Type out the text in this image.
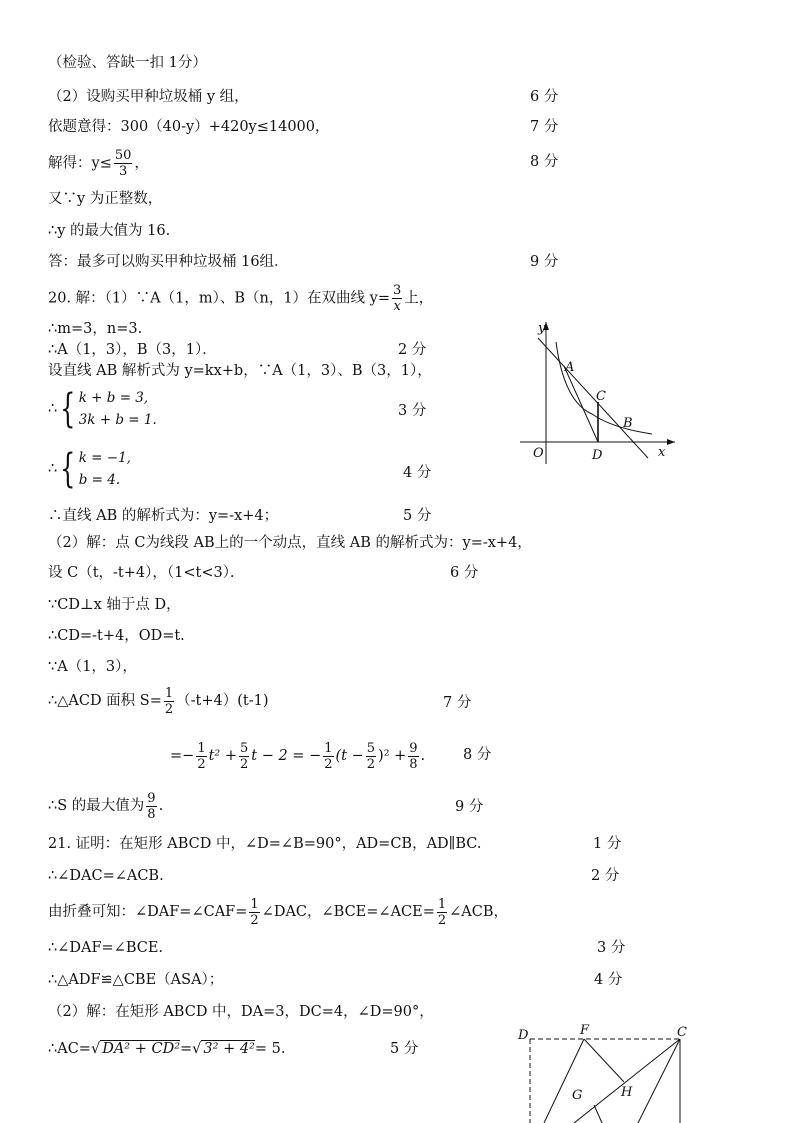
（检验、答缺一扣 1分）
（2）设购买甲种垃圾桶 y 组，	6 分
依题意得：300（40-y）+420y≤14000，	7 分
解得：$y\le \frac{50}{3}$ ，	8 分
又∵y 为正整数，
∴y 的最大值为 16.
答：最多可以购买甲种垃圾桶 16组．	9 分
20. 解：（1）∵A（1，m）、B（n，1）在双曲线 $y= \frac{3}{x}$ 上，
∴m=3，n=3.
∴A（1，3），B（3，1）．	2 分
设直线 AB 解析式为 y=kx+b，∵A（1，3）、B（3，1），
∴{ k + b = 3,
3k + b = 1.
3 分
∴{ k = −1,
b = 4.	4 分
∴直线 AB 的解析式为：y=-x+4；	5 分
（2）解：点 C为线段 AB上的一个动点，直线 AB 的解析式为：y=-x+4，
设 C（t，-t+4），（1<t<3）．	6 分
∵CD⊥x 轴于点 D，
∴CD=-t+4，OD=t.
∵A（1，3），
∴△ACD 面积 $S= \frac{1}{2} (-t+4)(t-1)$	7 分
=− $\frac{1}{2} t^2 + \frac{5}{2}$ t − 2 = − $\frac{1}{2} (t - \frac{5}{2} )^2 + \frac{9}{8}$ .	8 分
∴S 的最大值为 $\frac{9}{8}$ .	9 分
21. 证明：在矩形 ABCD 中，∠D=∠B=90°，AD=CB，AD∥BC.	1 分
∴∠DAC=∠ACB.	2 分
由折叠可知：∠DAF=∠CAF= $\frac{1}{2}$ ∠DAC，∠BCE=∠ACE= $\frac{1}{2}$ ∠ACB，
∴∠DAF=∠BCE.	3 分
∴△ADF≌△CBE（ASA）；	4 分
（2）解：在矩形 ABCD 中，DA=3，DC=4，∠D=90°，
∴AC=√ DA² + CD²=√ 3² + 4²= 5.	5 分
y
x
O
A
C
B
D
D	F	C
G	H
